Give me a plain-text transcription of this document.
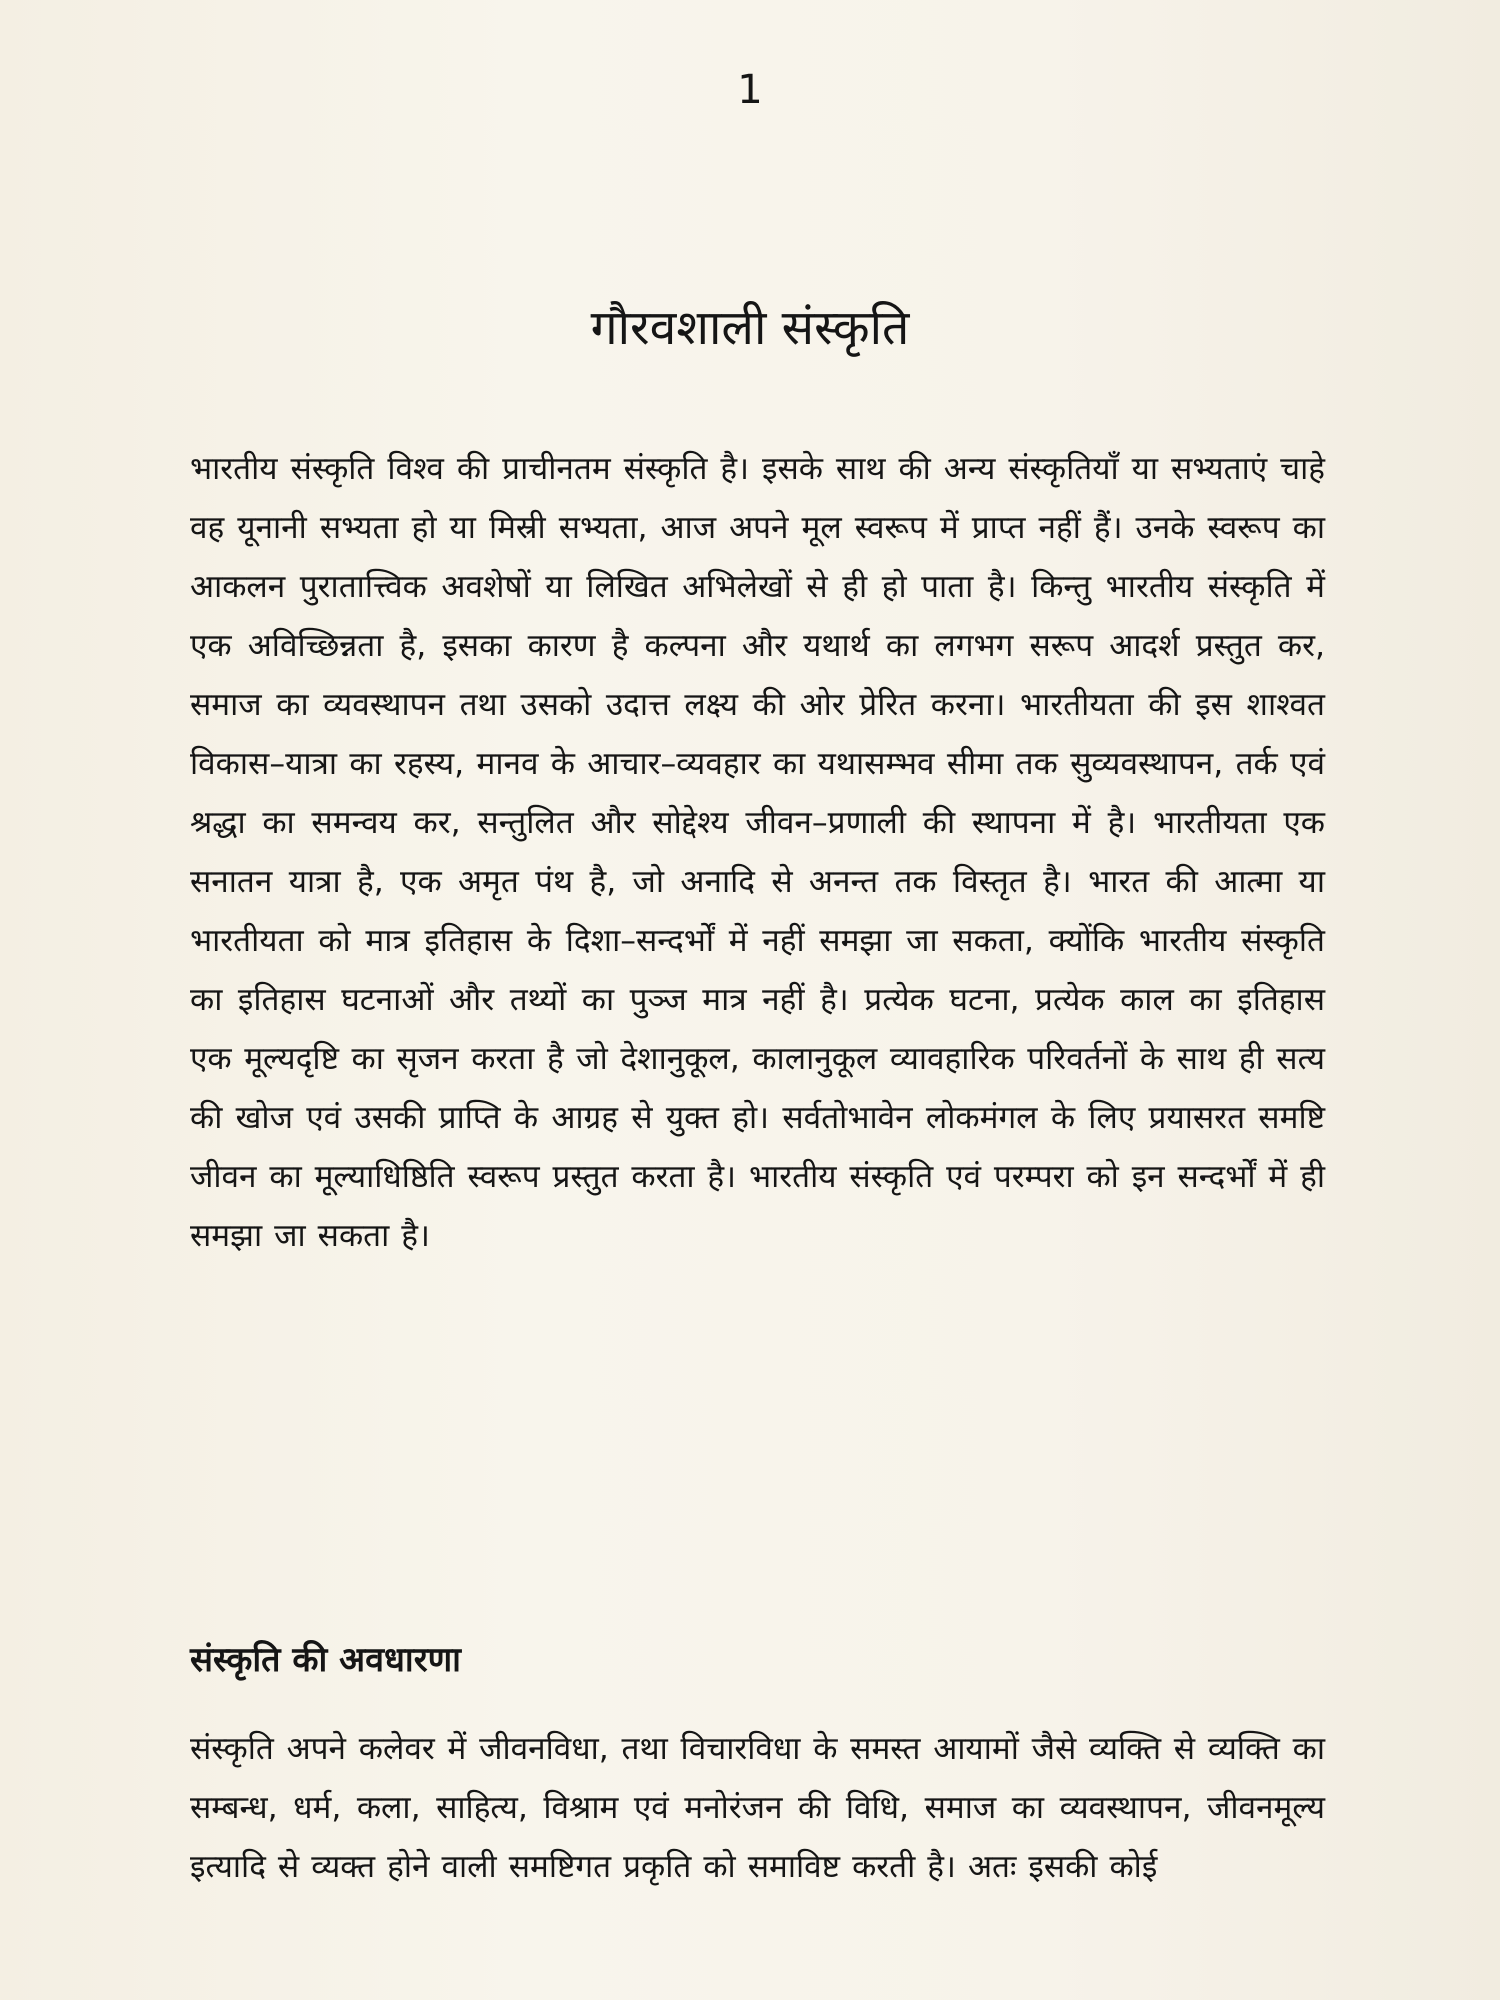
1
गौरवशाली संस्कृति
भारतीय संस्कृति विश्व की प्राचीनतम संस्कृति है। इसके साथ की अन्य संस्कृतियाँ या सभ्यताएं चाहे वह यूनानी सभ्यता हो या मिस्री सभ्यता, आज अपने मूल स्वरूप में प्राप्त नहीं हैं। उनके स्वरूप का आकलन पुरातात्त्विक अवशेषों या लिखित अभिलेखों से ही हो पाता है। किन्तु भारतीय संस्कृति में एक अविच्छिन्नता है, इसका कारण है कल्पना और यथार्थ का लगभग सरूप आदर्श प्रस्तुत कर, समाज का व्यवस्थापन तथा उसको उदात्त लक्ष्य की ओर प्रेरित करना। भारतीयता की इस शाश्वत विकास–यात्रा का रहस्य, मानव के आचार–व्यवहार का यथासम्भव सीमा तक सुव्यवस्थापन, तर्क एवं श्रद्धा का समन्वय कर, सन्तुलित और सोद्देश्य जीवन–प्रणाली की स्थापना में है। भारतीयता एक सनातन यात्रा है, एक अमृत पंथ है, जो अनादि से अनन्त तक विस्तृत है। भारत की आत्मा या भारतीयता को मात्र इतिहास के दिशा–सन्दर्भों में नहीं समझा जा सकता, क्योंकि भारतीय संस्कृति का इतिहास घटनाओं और तथ्यों का पुञ्ज मात्र नहीं है। प्रत्येक घटना, प्रत्येक काल का इतिहास एक मूल्यदृष्टि का सृजन करता है जो देशानुकूल, कालानुकूल व्यावहारिक परिवर्तनों के साथ ही सत्य की खोज एवं उसकी प्राप्ति के आग्रह से युक्त हो। सर्वतोभावेन लोकमंगल के लिए प्रयासरत समष्टि जीवन का मूल्याधिष्ठिति स्वरूप प्रस्तुत करता है। भारतीय संस्कृति एवं परम्परा को इन सन्दर्भों में ही समझा जा सकता है।
संस्कृति की अवधारणा
संस्कृति अपने कलेवर में जीवनविधा, तथा विचारविधा के समस्त आयामों जैसे व्यक्ति से व्यक्ति का सम्बन्ध, धर्म, कला, साहित्य, विश्राम एवं मनोरंजन की विधि, समाज का व्यवस्थापन, जीवनमूल्य इत्यादि से व्यक्त होने वाली समष्टिगत प्रकृति को समाविष्ट करती है। अतः इसकी कोई
